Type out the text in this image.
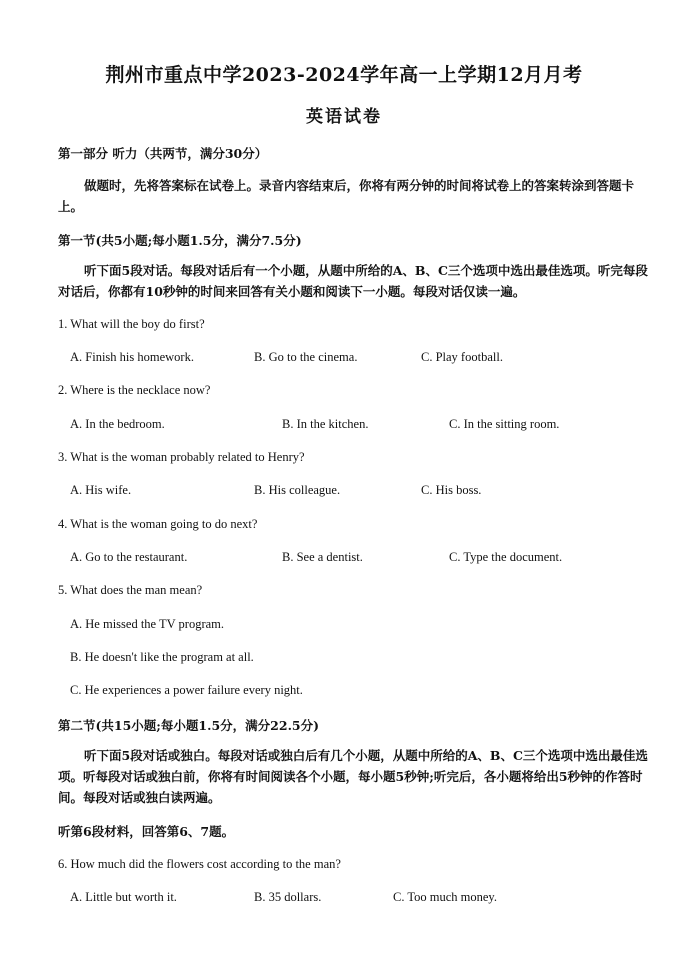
荆州市重点中学2023-2024学年高一上学期12月月考
英语试卷
第一部分 听力（共两节，满分30分）
做题时，先将答案标在试卷上。录音内容结束后，你将有两分钟的时间将试卷上的答案转涂到答题卡上。
第一节(共5小题;每小题1.5分，满分7.5分)
听下面5段对话。每段对话后有一个小题，从题中所给的A、B、C三个选项中选出最佳选项。听完每段对话后，你都有10秒钟的时间来回答有关小题和阅读下一小题。每段对话仅读一遍。
1. What will the boy do first?
A. Finish his homework.	B. Go to the cinema.	C. Play football.
2. Where is the necklace now?
A. In the bedroom.	B. In the kitchen.	C. In the sitting room.
3. What is the woman probably related to Henry?
A. His wife.	B. His colleague.	C. His boss.
4. What is the woman going to do next?
A. Go to the restaurant.	B. See a dentist.	C. Type the document.
5. What does the man mean?
A. He missed the TV program.
B. He doesn't like the program at all.
C. He experiences a power failure every night.
第二节(共15小题;每小题1.5分，满分22.5分)
听下面5段对话或独白。每段对话或独白后有几个小题，从题中所给的A、B、C三个选项中选出最佳选项。听每段对话或独白前，你将有时间阅读各个小题，每小题5秒钟;听完后，各小题将给出5秒钟的作答时间。每段对话或独白读两遍。
听第6段材料，回答第6、7题。
6. How much did the flowers cost according to the man?
A. Little but worth it.	B. 35 dollars.	C. Too much money.
